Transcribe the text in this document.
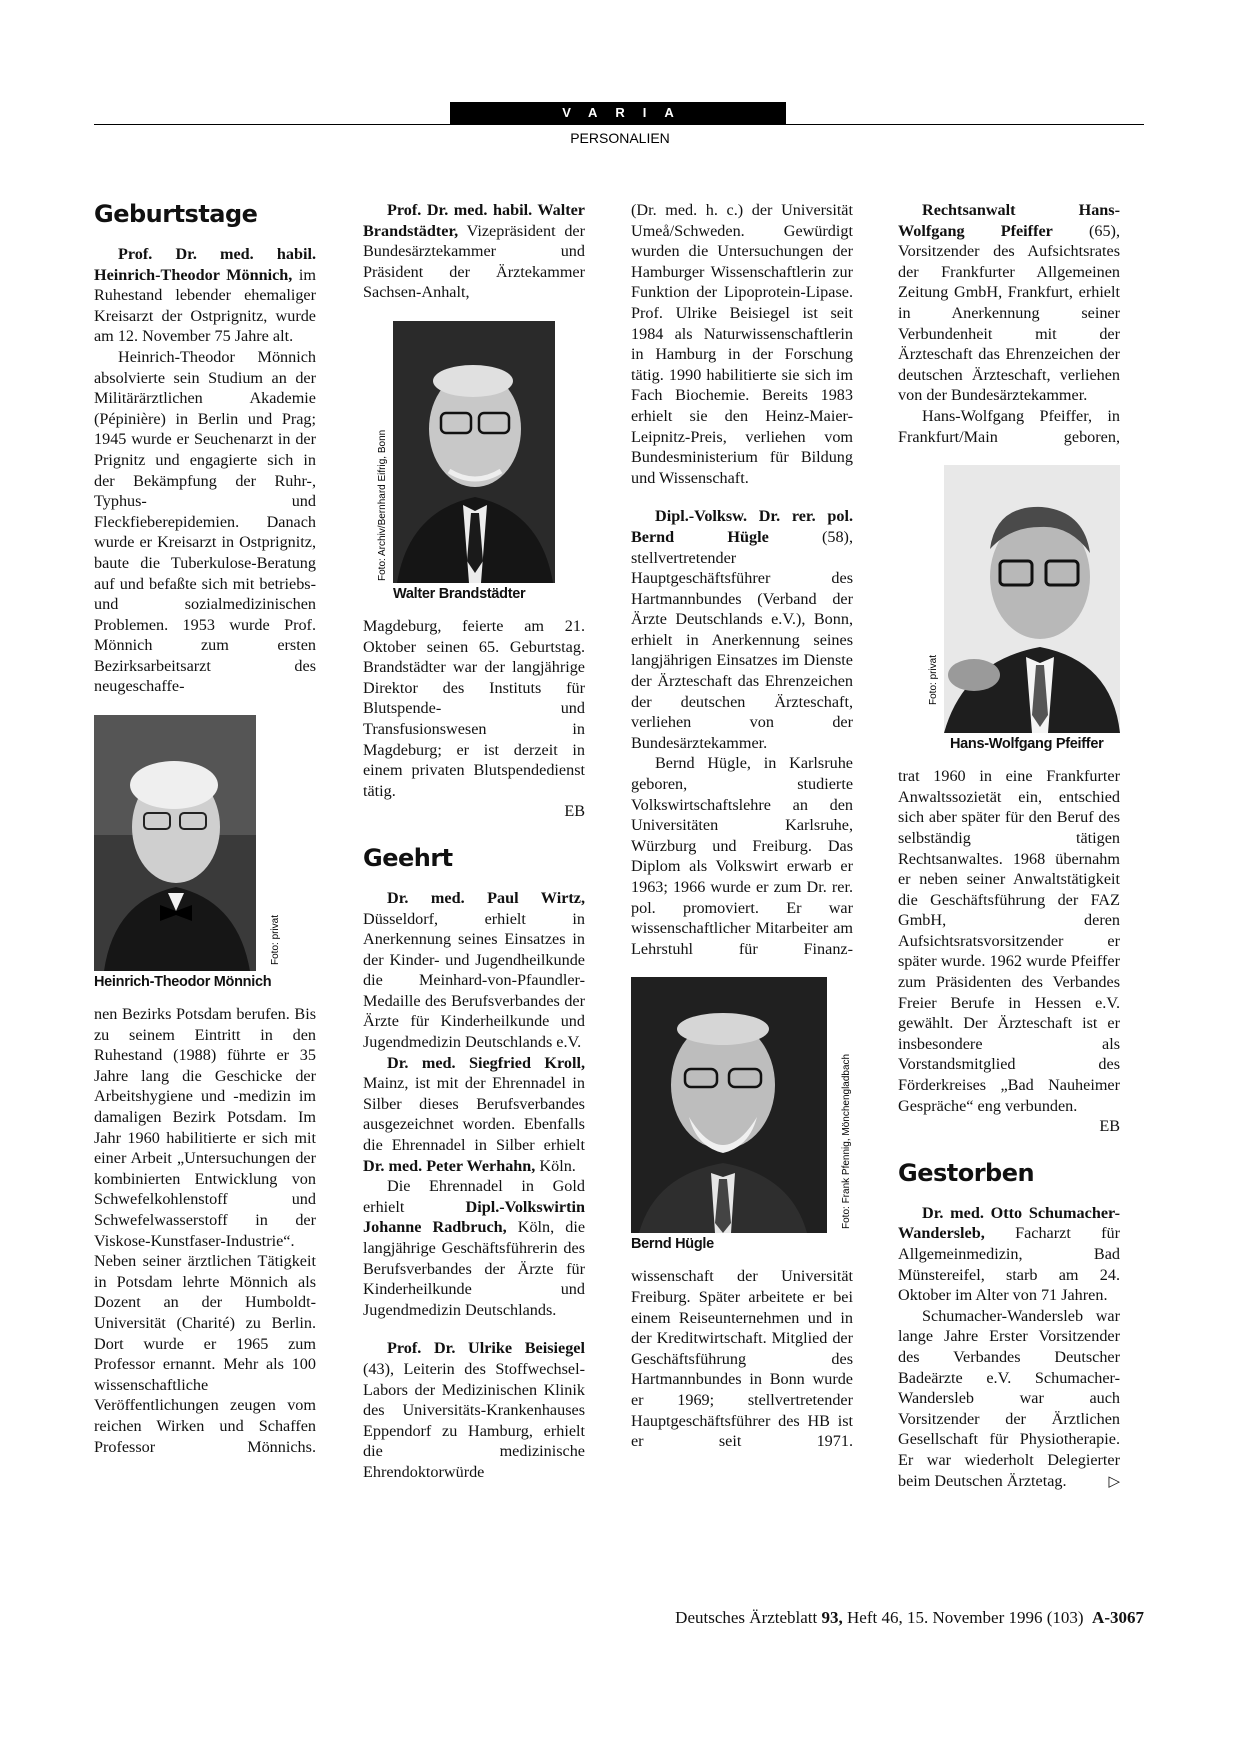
VARIA
PERSONALIEN
Geburtstage

Prof. Dr. med. habil. Heinrich-Theodor Mönnich, im Ruhestand lebender ehemaliger Kreisarzt der Ostprignitz, wurde am 12. November 75 Jahre alt.

Heinrich-Theodor Mönnich absolvierte sein Studium an der Militärärztlichen Akademie (Pépinière) in Berlin und Prag; 1945 wurde er Seuchenarzt in der Prignitz und engagierte sich in der Bekämpfung der Ruhr-, Typhus- und Fleckfieberepidemien. Danach wurde er Kreisarzt in Ostprignitz, baute die Tuberkulose-Beratung auf und befaßte sich mit betriebs- und sozialmedizinischen Problemen. 1953 wurde Prof. Mönnich zum ersten Bezirksarbeitsarzt des neugeschaffe-

Foto: privat
Heinrich-Theodor Mönnich

nen Bezirks Potsdam berufen. Bis zu seinem Eintritt in den Ruhestand (1988) führte er 35 Jahre lang die Geschicke der Arbeitshygiene und -medizin im damaligen Bezirk Potsdam. Im Jahr 1960 habilitierte er sich mit einer Arbeit „Untersuchungen der kombinierten Entwicklung von Schwefelkohlenstoff und Schwefelwasserstoff in der Viskose-Kunstfaser-Industrie“. Neben seiner ärztlichen Tätigkeit in Potsdam lehrte Mönnich als Dozent an der Humboldt-Universität (Charité) zu Berlin. Dort wurde er 1965 zum Professor ernannt. Mehr als 100 wissenschaftliche Veröffentlichungen zeugen vom reichen Wirken und Schaffen Professor Mönnichs.

Prof. Dr. med. habil. Walter Brandstädter, Vizepräsident der Bundesärztekammer und Präsident der Ärztekammer Sachsen-Anhalt,

Foto: Archiv/Bernhard Eifrig, Bonn
Walter Brandstädter

Magdeburg, feierte am 21. Oktober seinen 65. Geburtstag. Brandstädter war der langjährige Direktor des Instituts für Blutspende- und Transfusionswesen in Magdeburg; er ist derzeit in einem privaten Blutspendedienst tätig.
EB

Geehrt

Dr. med. Paul Wirtz, Düsseldorf, erhielt in Anerkennung seines Einsatzes in der Kinder- und Jugendheilkunde die Meinhard-von-Pfaundler-Medaille des Berufsverbandes der Ärzte für Kinderheilkunde und Jugendmedizin Deutschlands e.V.

Dr. med. Siegfried Kroll, Mainz, ist mit der Ehrennadel in Silber dieses Berufsverbandes ausgezeichnet worden. Ebenfalls die Ehrennadel in Silber erhielt Dr. med. Peter Werhahn, Köln.

Die Ehrennadel in Gold erhielt Dipl.-Volkswirtin Johanne Radbruch, Köln, die langjährige Geschäftsführerin des Berufsverbandes der Ärzte für Kinderheilkunde und Jugendmedizin Deutschlands.

Prof. Dr. Ulrike Beisiegel (43), Leiterin des Stoffwechsel-Labors der Medizinischen Klinik des Universitäts-Krankenhauses Eppendorf zu Hamburg, erhielt die medizinische Ehrendoktorwürde

(Dr. med. h. c.) der Universität Umeå/Schweden. Gewürdigt wurden die Untersuchungen der Hamburger Wissenschaftlerin zur Funktion der Lipoprotein-Lipase. Prof. Ulrike Beisiegel ist seit 1984 als Naturwissenschaftlerin in Hamburg in der Forschung tätig. 1990 habilitierte sie sich im Fach Biochemie. Bereits 1983 erhielt sie den Heinz-Maier-Leipnitz-Preis, verliehen vom Bundesministerium für Bildung und Wissenschaft.

Dipl.-Volksw. Dr. rer. pol. Bernd Hügle (58), stellvertretender Hauptgeschäftsführer des Hartmannbundes (Verband der Ärzte Deutschlands e.V.), Bonn, erhielt in Anerkennung seines langjährigen Einsatzes im Dienste der Ärzteschaft das Ehrenzeichen der deutschen Ärzteschaft, verliehen von der Bundesärztekammer.

Bernd Hügle, in Karlsruhe geboren, studierte Volkswirtschaftslehre an den Universitäten Karlsruhe, Würzburg und Freiburg. Das Diplom als Volkswirt erwarb er 1963; 1966 wurde er zum Dr. rer. pol. promoviert. Er war wissenschaftlicher Mitarbeiter am Lehrstuhl für Finanz-

Foto: Frank Pfennig, Mönchengladbach
Bernd Hügle

wissenschaft der Universität Freiburg. Später arbeitete er bei einem Reiseunternehmen und in der Kreditwirtschaft. Mitglied der Geschäftsführung des Hartmannbundes in Bonn wurde er 1969; stellvertretender Hauptgeschäftsführer des HB ist er seit 1971.

Rechtsanwalt Hans-Wolfgang Pfeiffer (65), Vorsitzender des Aufsichtsrates der Frankfurter Allgemeinen Zeitung GmbH, Frankfurt, erhielt in Anerkennung seiner Verbundenheit mit der Ärzteschaft das Ehrenzeichen der deutschen Ärzteschaft, verliehen von der Bundesärztekammer.

Hans-Wolfgang Pfeiffer, in Frankfurt/Main geboren,

Foto: privat
Hans-Wolfgang Pfeiffer

trat 1960 in eine Frankfurter Anwaltssozietät ein, entschied sich aber später für den Beruf des selbständig tätigen Rechtsanwaltes. 1968 übernahm er neben seiner Anwaltstätigkeit die Geschäftsführung der FAZ GmbH, deren Aufsichtsratsvorsitzender er später wurde. 1962 wurde Pfeiffer zum Präsidenten des Verbandes Freier Berufe in Hessen e.V. gewählt. Der Ärzteschaft ist er insbesondere als Vorstandsmitglied des Förderkreises „Bad Nauheimer Gespräche“ eng verbunden.
EB

Gestorben

Dr. med. Otto Schumacher-Wandersleb, Facharzt für Allgemeinmedizin, Bad Münstereifel, starb am 24. Oktober im Alter von 71 Jahren.

Schumacher-Wandersleb war lange Jahre Erster Vorsitzender des Verbandes Deutscher Badeärzte e.V. Schumacher-Wandersleb war auch Vorsitzender der Ärztlichen Gesellschaft für Physiotherapie. Er war wiederholt Delegierter beim Deutschen Ärztetag.	▷

Deutsches Ärzteblatt 93, Heft 46, 15. November 1996 (103)  A-3067
